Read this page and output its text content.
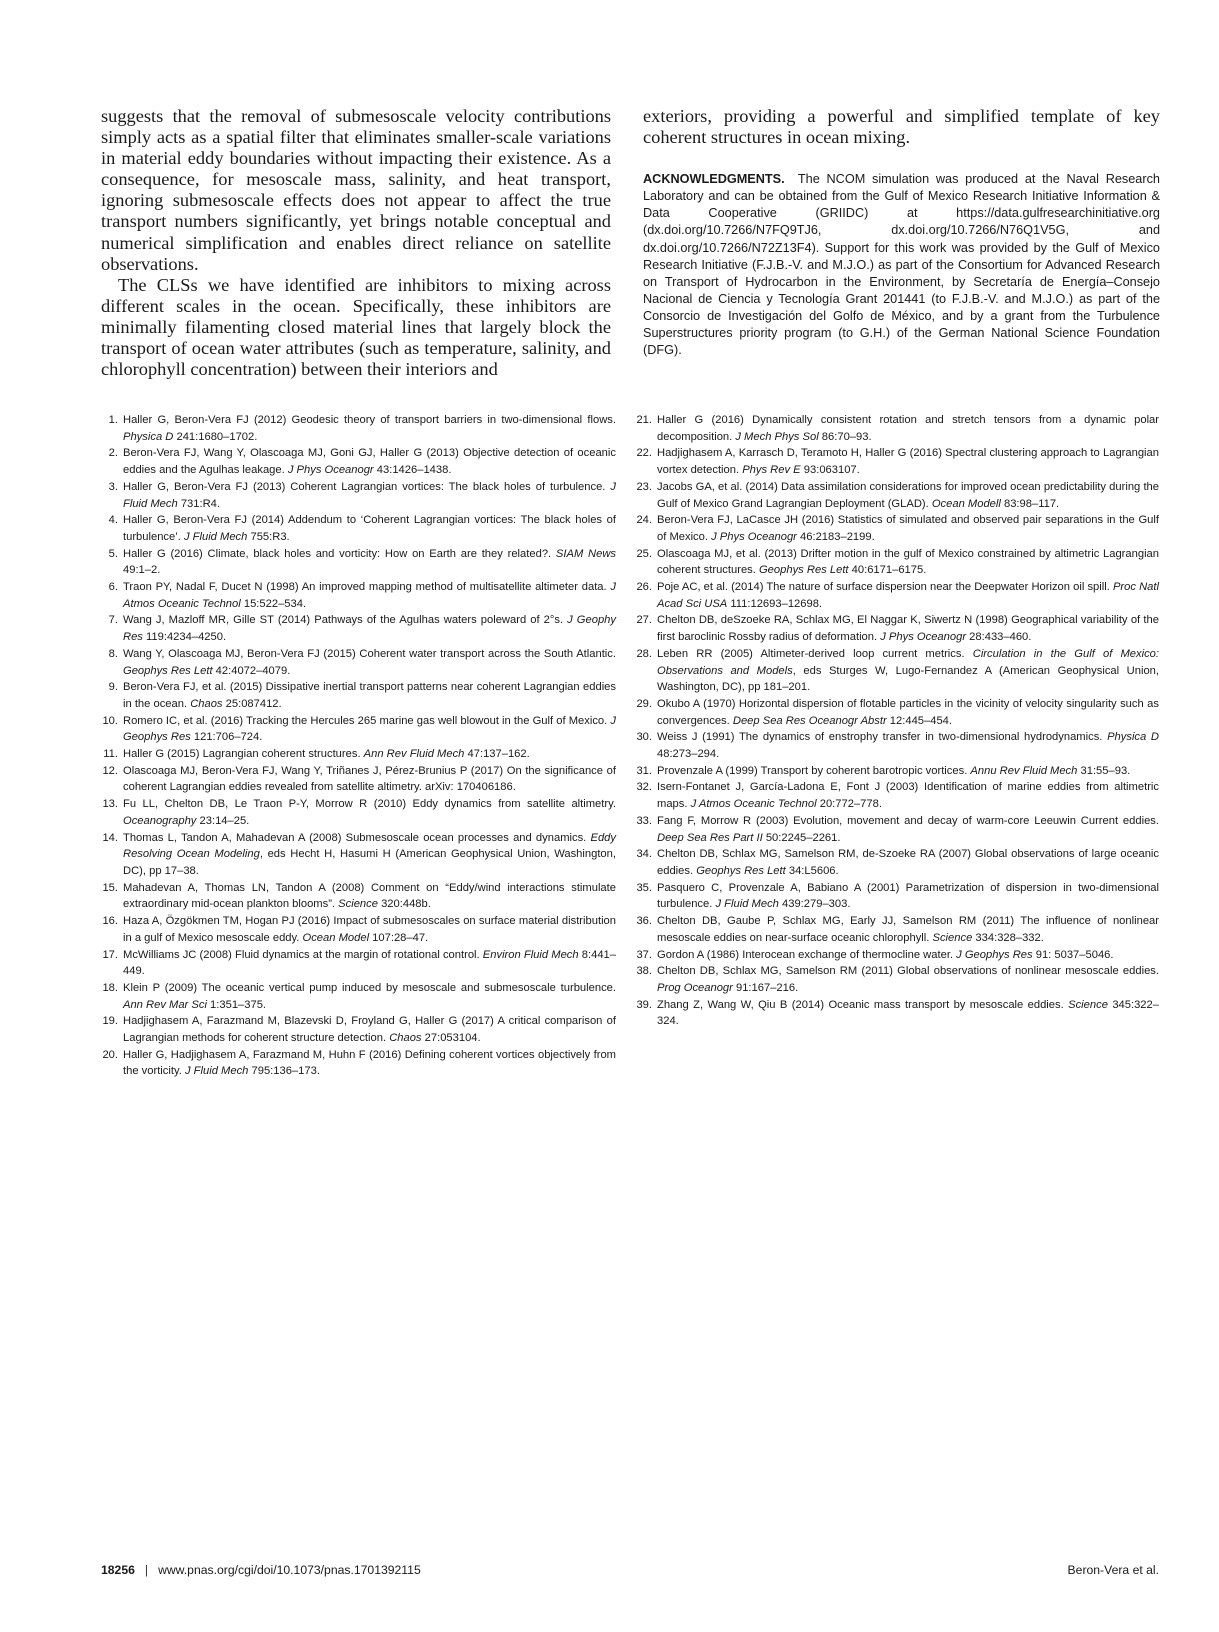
suggests that the removal of submesoscale velocity contributions simply acts as a spatial filter that eliminates smaller-scale variations in material eddy boundaries without impacting their existence. As a consequence, for mesoscale mass, salinity, and heat transport, ignoring submesoscale effects does not appear to affect the true transport numbers significantly, yet brings notable conceptual and numerical simplification and enables direct reliance on satellite observations.

The CLSs we have identified are inhibitors to mixing across different scales in the ocean. Specifically, these inhibitors are minimally filamenting closed material lines that largely block the transport of ocean water attributes (such as temperature, salinity, and chlorophyll concentration) between their interiors and

exteriors, providing a powerful and simplified template of key coherent structures in ocean mixing.

ACKNOWLEDGMENTS. The NCOM simulation was produced at the Naval Research Laboratory and can be obtained from the Gulf of Mexico Research Initiative Information & Data Cooperative (GRIIDC) at https://data.gulfresearchinitiative.org (dx.doi.org/10.7266/N7FQ9TJ6, dx.doi.org/10.7266/N76Q1V5G, and dx.doi.org/10.7266/N72Z13F4). Support for this work was provided by the Gulf of Mexico Research Initiative (F.J.B.-V. and M.J.O.) as part of the Consortium for Advanced Research on Transport of Hydrocarbon in the Environment, by Secretaría de Energía–Consejo Nacional de Ciencia y Tecnología Grant 201441 (to F.J.B.-V. and M.J.O.) as part of the Consorcio de Investigación del Golfo de México, and by a grant from the Turbulence Superstructures priority program (to G.H.) of the German National Science Foundation (DFG).

1. Haller G, Beron-Vera FJ (2012) Geodesic theory of transport barriers in two-dimensional flows. Physica D 241:1680–1702.
2. Beron-Vera FJ, Wang Y, Olascoaga MJ, Goni GJ, Haller G (2013) Objective detection of oceanic eddies and the Agulhas leakage. J Phys Oceanogr 43:1426–1438.
3. Haller G, Beron-Vera FJ (2013) Coherent Lagrangian vortices: The black holes of turbulence. J Fluid Mech 731:R4.
4. Haller G, Beron-Vera FJ (2014) Addendum to ‘Coherent Lagrangian vortices: The black holes of turbulence’. J Fluid Mech 755:R3.
5. Haller G (2016) Climate, black holes and vorticity: How on Earth are they related?. SIAM News 49:1–2.
6. Traon PY, Nadal F, Ducet N (1998) An improved mapping method of multisatellite altimeter data. J Atmos Oceanic Technol 15:522–534.
7. Wang J, Mazloff MR, Gille ST (2014) Pathways of the Agulhas waters poleward of 2°s. J Geophy Res 119:4234–4250.
8. Wang Y, Olascoaga MJ, Beron-Vera FJ (2015) Coherent water transport across the South Atlantic. Geophys Res Lett 42:4072–4079.
9. Beron-Vera FJ, et al. (2015) Dissipative inertial transport patterns near coherent Lagrangian eddies in the ocean. Chaos 25:087412.
10. Romero IC, et al. (2016) Tracking the Hercules 265 marine gas well blowout in the Gulf of Mexico. J Geophys Res 121:706–724.
11. Haller G (2015) Lagrangian coherent structures. Ann Rev Fluid Mech 47:137–162.
12. Olascoaga MJ, Beron-Vera FJ, Wang Y, Triñanes J, Pérez-Brunius P (2017) On the significance of coherent Lagrangian eddies revealed from satellite altimetry. arXiv: 170406186.
13. Fu LL, Chelton DB, Le Traon P-Y, Morrow R (2010) Eddy dynamics from satellite altimetry. Oceanography 23:14–25.
14. Thomas L, Tandon A, Mahadevan A (2008) Submesoscale ocean processes and dynamics. Eddy Resolving Ocean Modeling, eds Hecht H, Hasumi H (American Geophysical Union, Washington, DC), pp 17–38.
15. Mahadevan A, Thomas LN, Tandon A (2008) Comment on “Eddy/wind interactions stimulate extraordinary mid-ocean plankton blooms”. Science 320:448b.
16. Haza A, Özgökmen TM, Hogan PJ (2016) Impact of submesoscales on surface material distribution in a gulf of Mexico mesoscale eddy. Ocean Model 107:28–47.
17. McWilliams JC (2008) Fluid dynamics at the margin of rotational control. Environ Fluid Mech 8:441–449.
18. Klein P (2009) The oceanic vertical pump induced by mesoscale and submesoscale turbulence. Ann Rev Mar Sci 1:351–375.
19. Hadjighasem A, Farazmand M, Blazevski D, Froyland G, Haller G (2017) A critical comparison of Lagrangian methods for coherent structure detection. Chaos 27:053104.
20. Haller G, Hadjighasem A, Farazmand M, Huhn F (2016) Defining coherent vortices objectively from the vorticity. J Fluid Mech 795:136–173.
21. Haller G (2016) Dynamically consistent rotation and stretch tensors from a dynamic polar decomposition. J Mech Phys Sol 86:70–93.
22. Hadjighasem A, Karrasch D, Teramoto H, Haller G (2016) Spectral clustering approach to Lagrangian vortex detection. Phys Rev E 93:063107.
23. Jacobs GA, et al. (2014) Data assimilation considerations for improved ocean predictability during the Gulf of Mexico Grand Lagrangian Deployment (GLAD). Ocean Modell 83:98–117.
24. Beron-Vera FJ, LaCasce JH (2016) Statistics of simulated and observed pair separations in the Gulf of Mexico. J Phys Oceanogr 46:2183–2199.
25. Olascoaga MJ, et al. (2013) Drifter motion in the gulf of Mexico constrained by altimetric Lagrangian coherent structures. Geophys Res Lett 40:6171–6175.
26. Poje AC, et al. (2014) The nature of surface dispersion near the Deepwater Horizon oil spill. Proc Natl Acad Sci USA 111:12693–12698.
27. Chelton DB, deSzoeke RA, Schlax MG, El Naggar K, Siwertz N (1998) Geographical variability of the first baroclinic Rossby radius of deformation. J Phys Oceanogr 28:433–460.
28. Leben RR (2005) Altimeter-derived loop current metrics. Circulation in the Gulf of Mexico: Observations and Models, eds Sturges W, Lugo-Fernandez A (American Geophysical Union, Washington, DC), pp 181–201.
29. Okubo A (1970) Horizontal dispersion of flotable particles in the vicinity of velocity singularity such as convergences. Deep Sea Res Oceanogr Abstr 12:445–454.
30. Weiss J (1991) The dynamics of enstrophy transfer in two-dimensional hydrodynamics. Physica D 48:273–294.
31. Provenzale A (1999) Transport by coherent barotropic vortices. Annu Rev Fluid Mech 31:55–93.
32. Isern-Fontanet J, García-Ladona E, Font J (2003) Identification of marine eddies from altimetric maps. J Atmos Oceanic Technol 20:772–778.
33. Fang F, Morrow R (2003) Evolution, movement and decay of warm-core Leeuwin Current eddies. Deep Sea Res Part II 50:2245–2261.
34. Chelton DB, Schlax MG, Samelson RM, de-Szoeke RA (2007) Global observations of large oceanic eddies. Geophys Res Lett 34:L5606.
35. Pasquero C, Provenzale A, Babiano A (2001) Parametrization of dispersion in two-dimensional turbulence. J Fluid Mech 439:279–303.
36. Chelton DB, Gaube P, Schlax MG, Early JJ, Samelson RM (2011) The influence of nonlinear mesoscale eddies on near-surface oceanic chlorophyll. Science 334:328–332.
37. Gordon A (1986) Interocean exchange of thermocline water. J Geophys Res 91: 5037–5046.
38. Chelton DB, Schlax MG, Samelson RM (2011) Global observations of nonlinear mesoscale eddies. Prog Oceanogr 91:167–216.
39. Zhang Z, Wang W, Qiu B (2014) Oceanic mass transport by mesoscale eddies. Science 345:322–324.
18256 | www.pnas.org/cgi/doi/10.1073/pnas.1701392115	Beron-Vera et al.
